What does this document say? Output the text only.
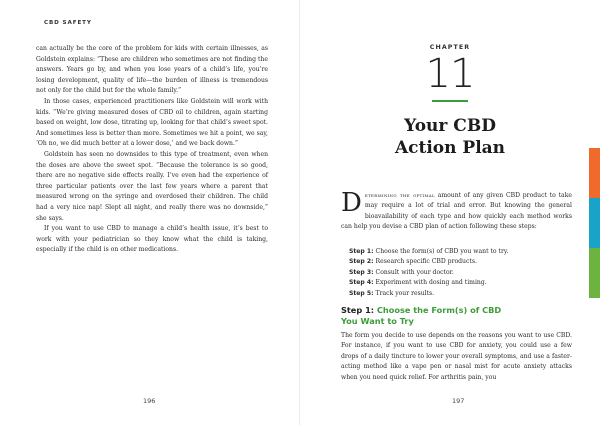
CBD SAFETY

can actually be the core of the problem for kids with certain illnesses, as Goldstein explains: “These are children who sometimes are not finding the answers. Years go by, and when you lose years of a child’s life, you’re losing development, quality of life—the burden of illness is tremendous not only for the child but for the whole family.”

In those cases, experienced practitioners like Goldstein will work with kids. “We’re giving measured doses of CBD oil to children, again starting based on weight, low dose, titrating up, looking for that child’s sweet spot. And sometimes less is better than more. Sometimes we hit a point, we say, ‘Oh no, we did much better at a lower dose,’ and we back down.”

Goldstein has seen no downsides to this type of treatment, even when the doses are above the sweet spot. “Because the tolerance is so good, there are no negative side effects really. I’ve even had the experience of three particular patients over the last few years where a parent that measured wrong on the syringe and overdosed their children. The child had a very nice nap! Slept all night, and really there was no downside,” she says.

If you want to use CBD to manage a child’s health issue, it’s best to work with your pediatrician so they know what the child is taking, especially if the child is on other medications.

196
CHAPTER
11
Your CBD
Action Plan
Determining the optimal amount of any given CBD product to take may require a lot of trial and error. But knowing the general bioavailability of each type and how quickly each method works can help you devise a CBD plan of action following these steps:
Step 1: Choose the form(s) of CBD you want to try.
Step 2: Research specific CBD products.
Step 3: Consult with your doctor.
Step 4: Experiment with dosing and timing.
Step 5: Track your results.
Step 1: Choose the Form(s) of CBD
You Want to Try

The form you decide to use depends on the reasons you want to use CBD. For instance, if you want to use CBD for anxiety, you could use a few drops of a daily tincture to lower your overall symptoms, and use a faster-acting method like a vape pen or nasal mist for acute anxiety attacks when you need quick relief. For arthritis pain, you

197
